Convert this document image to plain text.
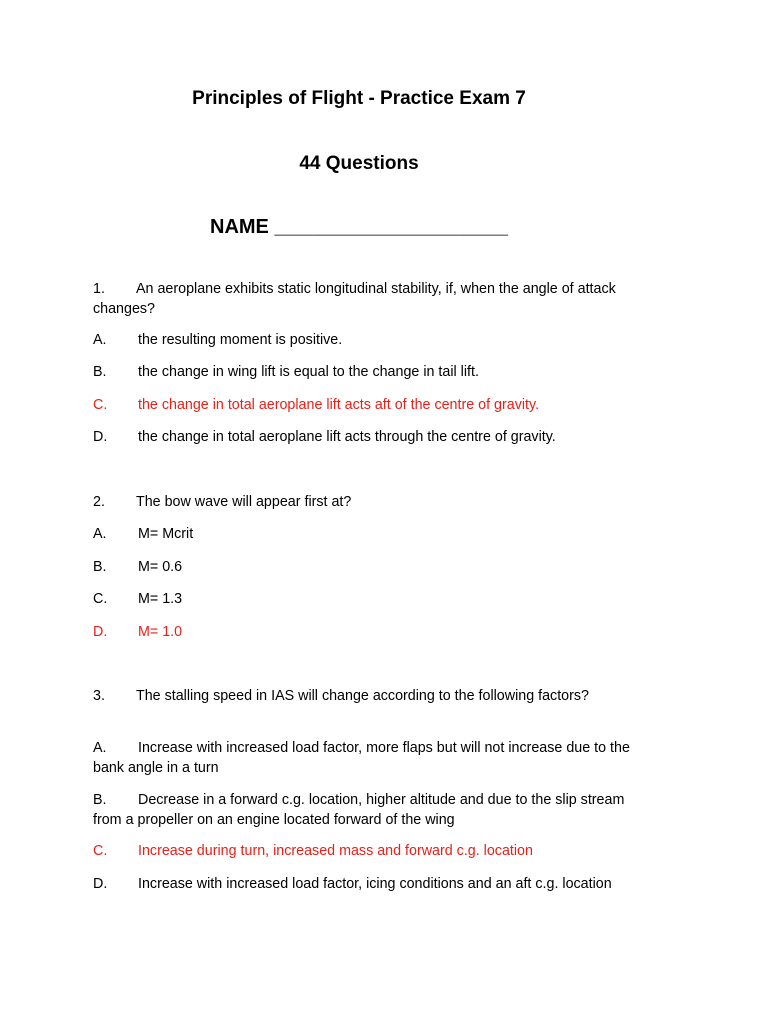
Principles of Flight - Practice Exam 7
44 Questions
NAME _____________________
1. An aeroplane exhibits static longitudinal stability, if, when the angle of attack changes?
A. the resulting moment is positive.
B. the change in wing lift is equal to the change in tail lift.
C. the change in total aeroplane lift acts aft of the centre of gravity.
D. the change in total aeroplane lift acts through the centre of gravity.
2. The bow wave will appear first at?
A. M= Mcrit
B. M= 0.6
C. M= 1.3
D. M= 1.0
3. The stalling speed in IAS will change according to the following factors?
A. Increase with increased load factor, more flaps but will not increase due to the bank angle in a turn
B. Decrease in a forward c.g. location, higher altitude and due to the slip stream from a propeller on an engine located forward of the wing
C. Increase during turn, increased mass and forward c.g. location
D. Increase with increased load factor, icing conditions and an aft c.g. location
